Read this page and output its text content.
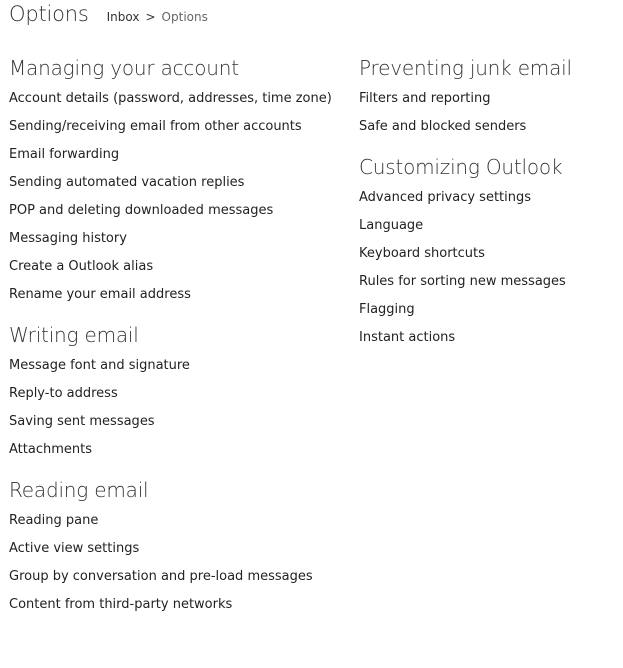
Options Inbox > Options
Managing your account
Account details (password, addresses, time zone)
Sending/receiving email from other accounts
Email forwarding
Sending automated vacation replies
POP and deleting downloaded messages
Messaging history
Create a Outlook alias
Rename your email address
Writing email
Message font and signature
Reply-to address
Saving sent messages
Attachments
Reading email
Reading pane
Active view settings
Group by conversation and pre-load messages
Content from third-party networks
Preventing junk email
Filters and reporting
Safe and blocked senders
Customizing Outlook
Advanced privacy settings
Language
Keyboard shortcuts
Rules for sorting new messages
Flagging
Instant actions
